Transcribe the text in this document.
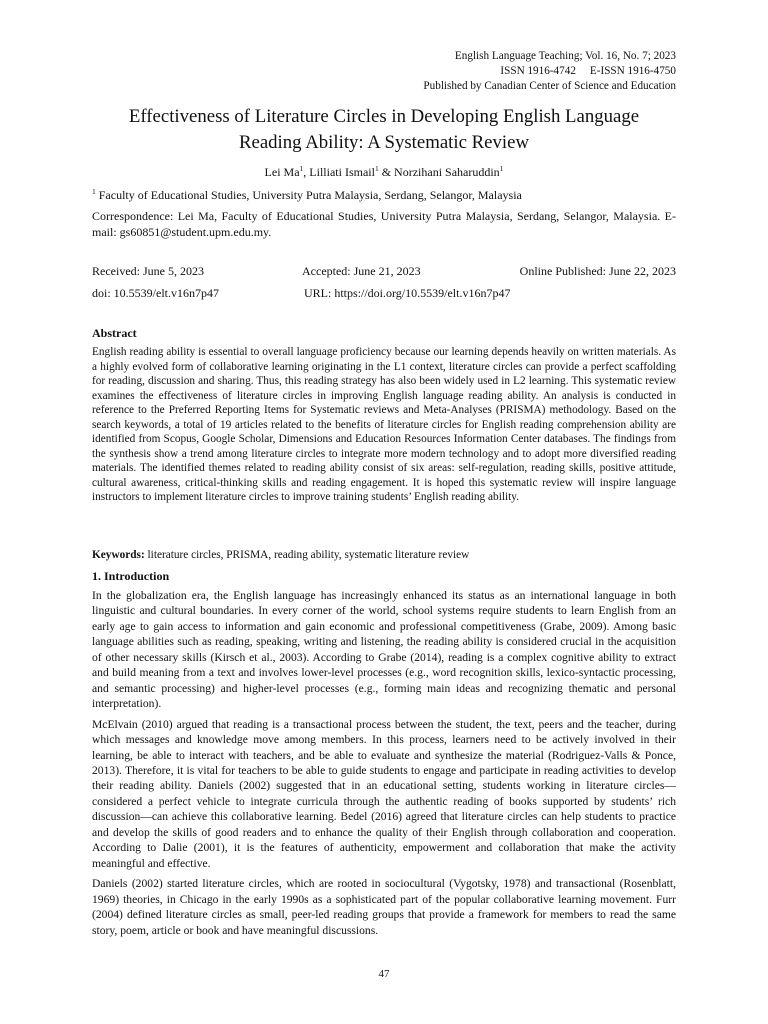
English Language Teaching; Vol. 16, No. 7; 2023
ISSN 1916-4742     E-ISSN 1916-4750
Published by Canadian Center of Science and Education
Effectiveness of Literature Circles in Developing English Language
Reading Ability: A Systematic Review
Lei Ma$^1$, Lilliati Ismail$^1$ & Norzihani Saharuddin$^1$
$^1$ Faculty of Educational Studies, University Putra Malaysia, Serdang, Selangor, Malaysia
Correspondence: Lei Ma, Faculty of Educational Studies, University Putra Malaysia, Serdang, Selangor, Malaysia. E-mail: gs60851@student.upm.edu.my.
Received: June 5, 2023	Accepted: June 21, 2023	Online Published: June 22, 2023
doi: 10.5539/elt.v16n7p47	URL: https://doi.org/10.5539/elt.v16n7p47
Abstract

English reading ability is essential to overall language proficiency because our learning depends heavily on written materials. As a highly evolved form of collaborative learning originating in the L1 context, literature circles can provide a perfect scaffolding for reading, discussion and sharing. Thus, this reading strategy has also been widely used in L2 learning. This systematic review examines the effectiveness of literature circles in improving English language reading ability. An analysis is conducted in reference to the Preferred Reporting Items for Systematic reviews and Meta-Analyses (PRISMA) methodology. Based on the search keywords, a total of 19 articles related to the benefits of literature circles for English reading comprehension ability are identified from Scopus, Google Scholar, Dimensions and Education Resources Information Center databases. The findings from the synthesis show a trend among literature circles to integrate more modern technology and to adopt more diversified reading materials. The identified themes related to reading ability consist of six areas: self-regulation, reading skills, positive attitude, cultural awareness, critical-thinking skills and reading engagement. It is hoped this systematic review will inspire language instructors to implement literature circles to improve training students’ English reading ability.

Keywords: literature circles, PRISMA, reading ability, systematic literature review
1. Introduction

In the globalization era, the English language has increasingly enhanced its status as an international language in both linguistic and cultural boundaries. In every corner of the world, school systems require students to learn English from an early age to gain access to information and gain economic and professional competitiveness (Grabe, 2009). Among basic language abilities such as reading, speaking, writing and listening, the reading ability is considered crucial in the acquisition of other necessary skills (Kirsch et al., 2003). According to Grabe (2014), reading is a complex cognitive ability to extract and build meaning from a text and involves lower-level processes (e.g., word recognition skills, lexico-syntactic processing, and semantic processing) and higher-level processes (e.g., forming main ideas and recognizing thematic and personal interpretation).

McElvain (2010) argued that reading is a transactional process between the student, the text, peers and the teacher, during which messages and knowledge move among members. In this process, learners need to be actively involved in their learning, be able to interact with teachers, and be able to evaluate and synthesize the material (Rodriguez-Valls & Ponce, 2013). Therefore, it is vital for teachers to be able to guide students to engage and participate in reading activities to develop their reading ability. Daniels (2002) suggested that in an educational setting, students working in literature circles—considered a perfect vehicle to integrate curricula through the authentic reading of books supported by students’ rich discussion—can achieve this collaborative learning. Bedel (2016) agreed that literature circles can help students to practice and develop the skills of good readers and to enhance the quality of their English through collaboration and cooperation. According to Dalie (2001), it is the features of authenticity, empowerment and collaboration that make the activity meaningful and effective.

Daniels (2002) started literature circles, which are rooted in sociocultural (Vygotsky, 1978) and transactional (Rosenblatt, 1969) theories, in Chicago in the early 1990s as a sophisticated part of the popular collaborative learning movement. Furr (2004) defined literature circles as small, peer-led reading groups that provide a framework for members to read the same story, poem, article or book and have meaningful discussions.

47
